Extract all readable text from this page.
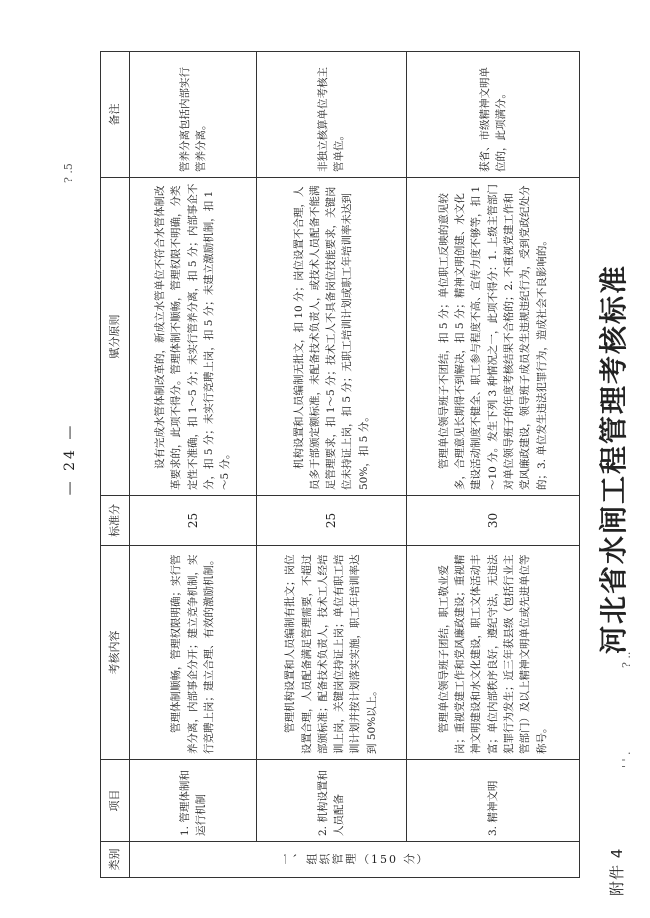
附件 4
河北省水闸工程管理考核标准
类别	项目	考核内容	标准分	赋分原则	备注
一、组织管理（150 分）	1. 管理体制和运行机制	管理体制顺畅，管理权限明确；实行管养分离，内部事企分开；建立竞争机制，实行竞聘上岗；建立合理、有效的激励机制。	25	设有完成水管体制改革的，新成立水管单位不符合水管体制改革要求的，此项不得分。管理体制不顺畅，管理权限不明确，分类定性不准确，扣 1～5 分；未实行管养分离，扣 5 分；内部事企不分，扣 5 分；未实行竞聘上岗，扣 5 分；未建立激励机制，扣 1～5 分。	管养分离包括内部实行管养分离。
	2. 机构设置和人员配备	管理机构设置和人员编制有批文；岗位设置合理，人员配备满足管理需要，不超过部颁标准；配备技术负责人，技术工人经培训上岗，关键岗位持证上岗；单位有职工培训计划并按计划落实实施，职工年培训率达到 50%以上。	25	机构设置和人员编制无批文，扣 10 分；岗位设置不合理，人员多于部颁定额标准，未配备技术负责人，或技术人员配备不能满足管理要求，扣 1～5 分；技术工人不具备岗位技能要求，关键岗位未持证上岗，扣 5 分；无职工培训计划或职工年培训率未达到 50%，扣 5 分。	非独立核算单位考核主管单位。
	3. 精神文明	管理单位领导班子团结，职工敬业爱岗；重视党建工作和党风廉政建设；重视精神文明建设和水文化建设，职工文体活动丰富；单位内部秩序良好，遵纪守法，无违法犯罪行为发生；近三年获县级（包括行业主管部门）及以上精神文明单位或先进单位等称号。	30	管理单位领导班子不团结，扣 5 分；单位职工反映的意见较多，合理意见长期得不到解决，扣 5 分；精神文明创建、水文化建设活动制度不健全、职工参与程度不高、宣传力度不够等，扣 1～10 分。发生下列 3 种情况之一，此项不得分：1. 上级主管部门对单位领导班子的年度考核结果不合格的；2. 不重视党建工作和党风廉政建设，领导班子成员发生违规违纪行为，受到党政纪处分的；3. 单位发生违法犯罪行为，造成社会不良影响的。	获省、市级精神文明单位的，此项满分。
— 24 —
? .5
? ..
' ' .
